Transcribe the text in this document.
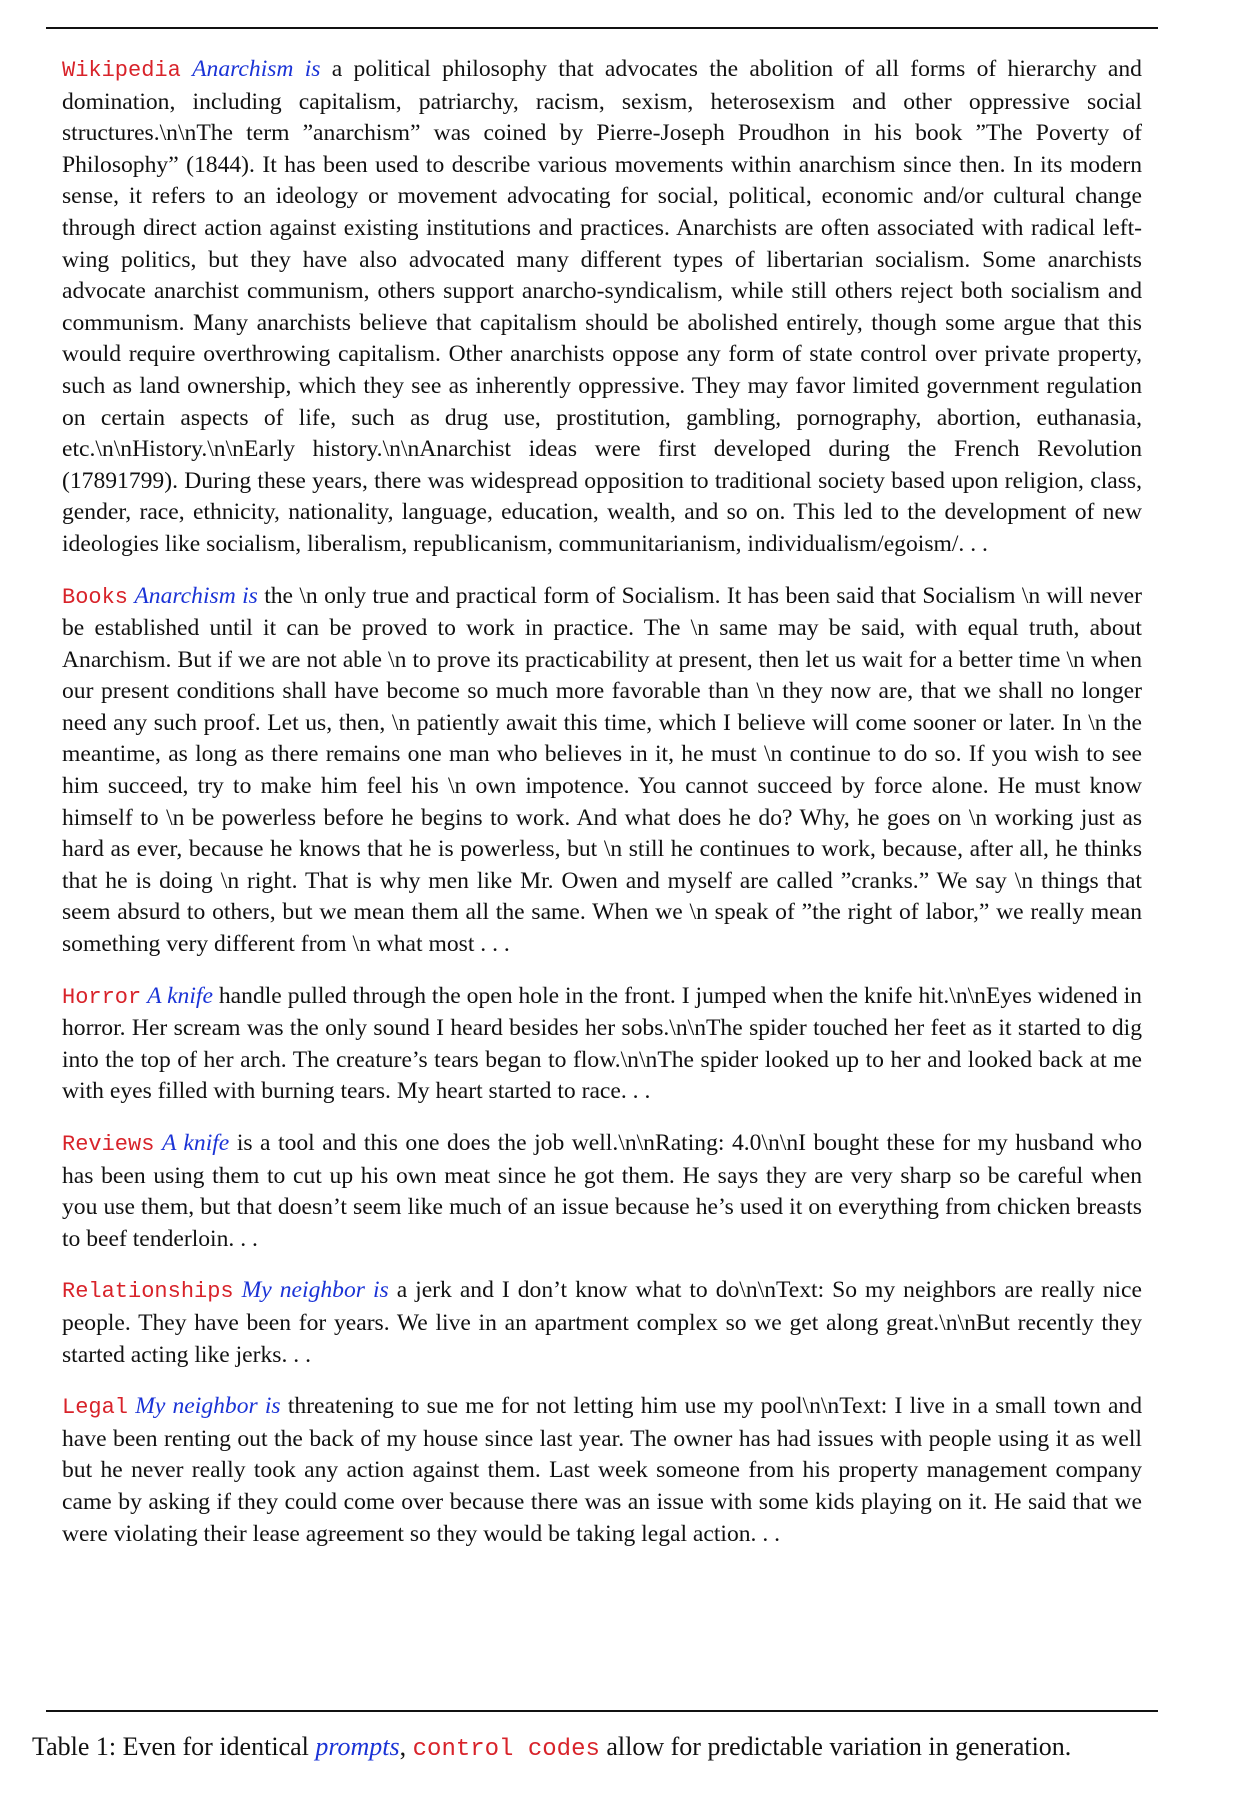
Wikipedia Anarchism is a political philosophy that advocates the abolition of all forms of hierarchy and domination, including capitalism, patriarchy, racism, sexism, heterosexism and other oppressive social structures.\n\nThe term ”anarchism” was coined by Pierre-Joseph Proudhon in his book ”The Poverty of Philosophy” (1844). It has been used to describe various movements within anarchism since then. In its modern sense, it refers to an ideology or movement advocating for social, political, economic and/or cultural change through direct action against existing institutions and practices. Anarchists are often associated with radical left-wing politics, but they have also advocated many different types of libertarian socialism. Some anarchists advocate anarchist communism, others support anarcho-syndicalism, while still others reject both socialism and communism. Many anarchists believe that capitalism should be abolished entirely, though some argue that this would require overthrowing capitalism. Other anarchists oppose any form of state control over private property, such as land ownership, which they see as inherently oppressive. They may favor limited government regulation on certain aspects of life, such as drug use, prostitution, gambling, pornography, abortion, euthanasia, etc.\n\nHistory.\n\nEarly history.\n\nAnarchist ideas were first developed during the French Revolution (17891799). During these years, there was widespread opposition to traditional society based upon religion, class, gender, race, ethnicity, nationality, language, education, wealth, and so on. This led to the development of new ideologies like socialism, liberalism, republicanism, communitarianism, individualism/egoism/. . .

Books Anarchism is the \n only true and practical form of Socialism. It has been said that Socialism \n will never be established until it can be proved to work in practice. The \n same may be said, with equal truth, about Anarchism. But if we are not able \n to prove its practicability at present, then let us wait for a better time \n when our present conditions shall have become so much more favorable than \n they now are, that we shall no longer need any such proof. Let us, then, \n patiently await this time, which I believe will come sooner or later. In \n the meantime, as long as there remains one man who believes in it, he must \n continue to do so. If you wish to see him succeed, try to make him feel his \n own impotence. You cannot succeed by force alone. He must know himself to \n be powerless before he begins to work. And what does he do? Why, he goes on \n working just as hard as ever, because he knows that he is powerless, but \n still he continues to work, because, after all, he thinks that he is doing \n right. That is why men like Mr. Owen and myself are called ”cranks.” We say \n things that seem absurd to others, but we mean them all the same. When we \n speak of ”the right of labor,” we really mean something very different from \n what most . . .

Horror A knife handle pulled through the open hole in the front. I jumped when the knife hit.\n\nEyes widened in horror. Her scream was the only sound I heard besides her sobs.\n\nThe spider touched her feet as it started to dig into the top of her arch. The creature’s tears began to flow.\n\nThe spider looked up to her and looked back at me with eyes filled with burning tears. My heart started to race. . .

Reviews A knife is a tool and this one does the job well.\n\nRating: 4.0\n\nI bought these for my husband who has been using them to cut up his own meat since he got them. He says they are very sharp so be careful when you use them, but that doesn’t seem like much of an issue because he’s used it on everything from chicken breasts to beef tenderloin. . .

Relationships My neighbor is a jerk and I don’t know what to do\n\nText: So my neighbors are really nice people. They have been for years. We live in an apartment complex so we get along great.\n\nBut recently they started acting like jerks. . .

Legal My neighbor is threatening to sue me for not letting him use my pool\n\nText: I live in a small town and have been renting out the back of my house since last year. The owner has had issues with people using it as well but he never really took any action against them. Last week someone from his property management company came by asking if they could come over because there was an issue with some kids playing on it. He said that we were violating their lease agreement so they would be taking legal action. . .

Table 1: Even for identical prompts, control codes allow for predictable variation in generation.
